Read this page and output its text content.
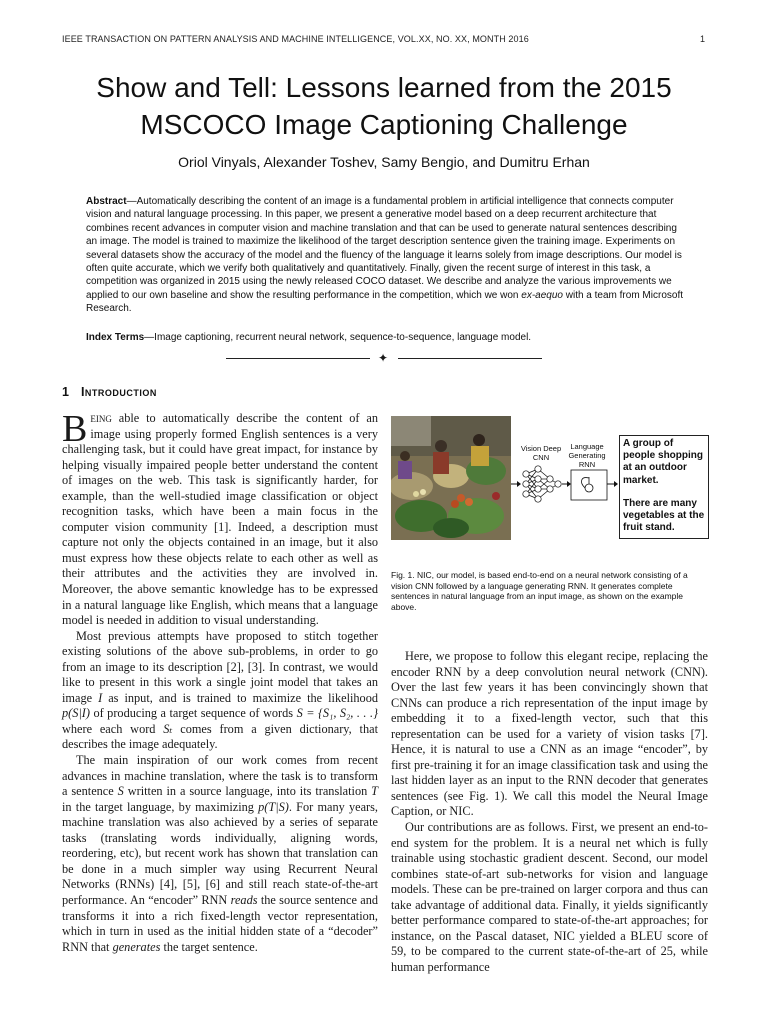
IEEE TRANSACTION ON PATTERN ANALYSIS AND MACHINE INTELLIGENCE, VOL.XX, NO. XX, MONTH 2016	1
Show and Tell: Lessons learned from the 2015
MSCOCO Image Captioning Challenge
Oriol Vinyals, Alexander Toshev, Samy Bengio, and Dumitru Erhan
Abstract—Automatically describing the content of an image is a fundamental problem in artificial intelligence that connects computer vision and natural language processing. In this paper, we present a generative model based on a deep recurrent architecture that combines recent advances in computer vision and machine translation and that can be used to generate natural sentences describing an image. The model is trained to maximize the likelihood of the target description sentence given the training image. Experiments on several datasets show the accuracy of the model and the fluency of the language it learns solely from image descriptions. Our model is often quite accurate, which we verify both qualitatively and quantitatively. Finally, given the recent surge of interest in this task, a competition was organized in 2015 using the newly released COCO dataset. We describe and analyze the various improvements we applied to our own baseline and show the resulting performance in the competition, which we won ex-aequo with a team from Microsoft Research.
Index Terms—Image captioning, recurrent neural network, sequence-to-sequence, language model.
✦
1 Introduction

Being able to automatically describe the content of an image using properly formed English sentences is a very challenging task, but it could have great impact, for instance by helping visually impaired people better understand the content of images on the web. This task is significantly harder, for example, than the well-studied image classification or object recognition tasks, which have been a main focus in the computer vision community [1]. Indeed, a description must capture not only the objects contained in an image, but it also must express how these objects relate to each other as well as their attributes and the activities they are involved in. Moreover, the above semantic knowledge has to be expressed in a natural language like English, which means that a language model is needed in addition to visual understanding.

Most previous attempts have proposed to stitch together existing solutions of the above sub-problems, in order to go from an image to its description [2], [3]. In contrast, we would like to present in this work a single joint model that takes an image I as input, and is trained to maximize the likelihood p(S|I) of producing a target sequence of words S = {S₁, S₂, . . .} where each word Sₜ comes from a given dictionary, that describes the image adequately.

The main inspiration of our work comes from recent advances in machine translation, where the task is to transform a sentence S written in a source language, into its translation T in the target language, by maximizing p(T|S). For many years, machine translation was also achieved by a series of separate tasks (translating words individually, aligning words, reordering, etc), but recent work has shown that translation can be done in a much simpler way using Recurrent Neural Networks (RNNs) [4], [5], [6] and still reach state-of-the-art performance. An “encoder” RNN reads the source sentence and transforms it into a rich fixed-length vector representation, which in turn in used as the initial hidden state of a “decoder” RNN that generates the target sentence.

Vision Deep CNN
Language Generating RNN
A group of people shopping at an outdoor market.
There are many vegetables at the fruit stand.
Fig. 1. NIC, our model, is based end-to-end on a neural network consisting of a vision CNN followed by a language generating RNN. It generates complete sentences in natural language from an input image, as shown on the example above.

Here, we propose to follow this elegant recipe, replacing the encoder RNN by a deep convolution neural network (CNN). Over the last few years it has been convincingly shown that CNNs can produce a rich representation of the input image by embedding it to a fixed-length vector, such that this representation can be used for a variety of vision tasks [7]. Hence, it is natural to use a CNN as an image “encoder”, by first pre-training it for an image classification task and using the last hidden layer as an input to the RNN decoder that generates sentences (see Fig. 1). We call this model the Neural Image Caption, or NIC.

Our contributions are as follows. First, we present an end-to-end system for the problem. It is a neural net which is fully trainable using stochastic gradient descent. Second, our model combines state-of-art sub-networks for vision and language models. These can be pre-trained on larger corpora and thus can take advantage of additional data. Finally, it yields significantly better performance compared to state-of-the-art approaches; for instance, on the Pascal dataset, NIC yielded a BLEU score of 59, to be compared to the current state-of-the-art of 25, while human performance
